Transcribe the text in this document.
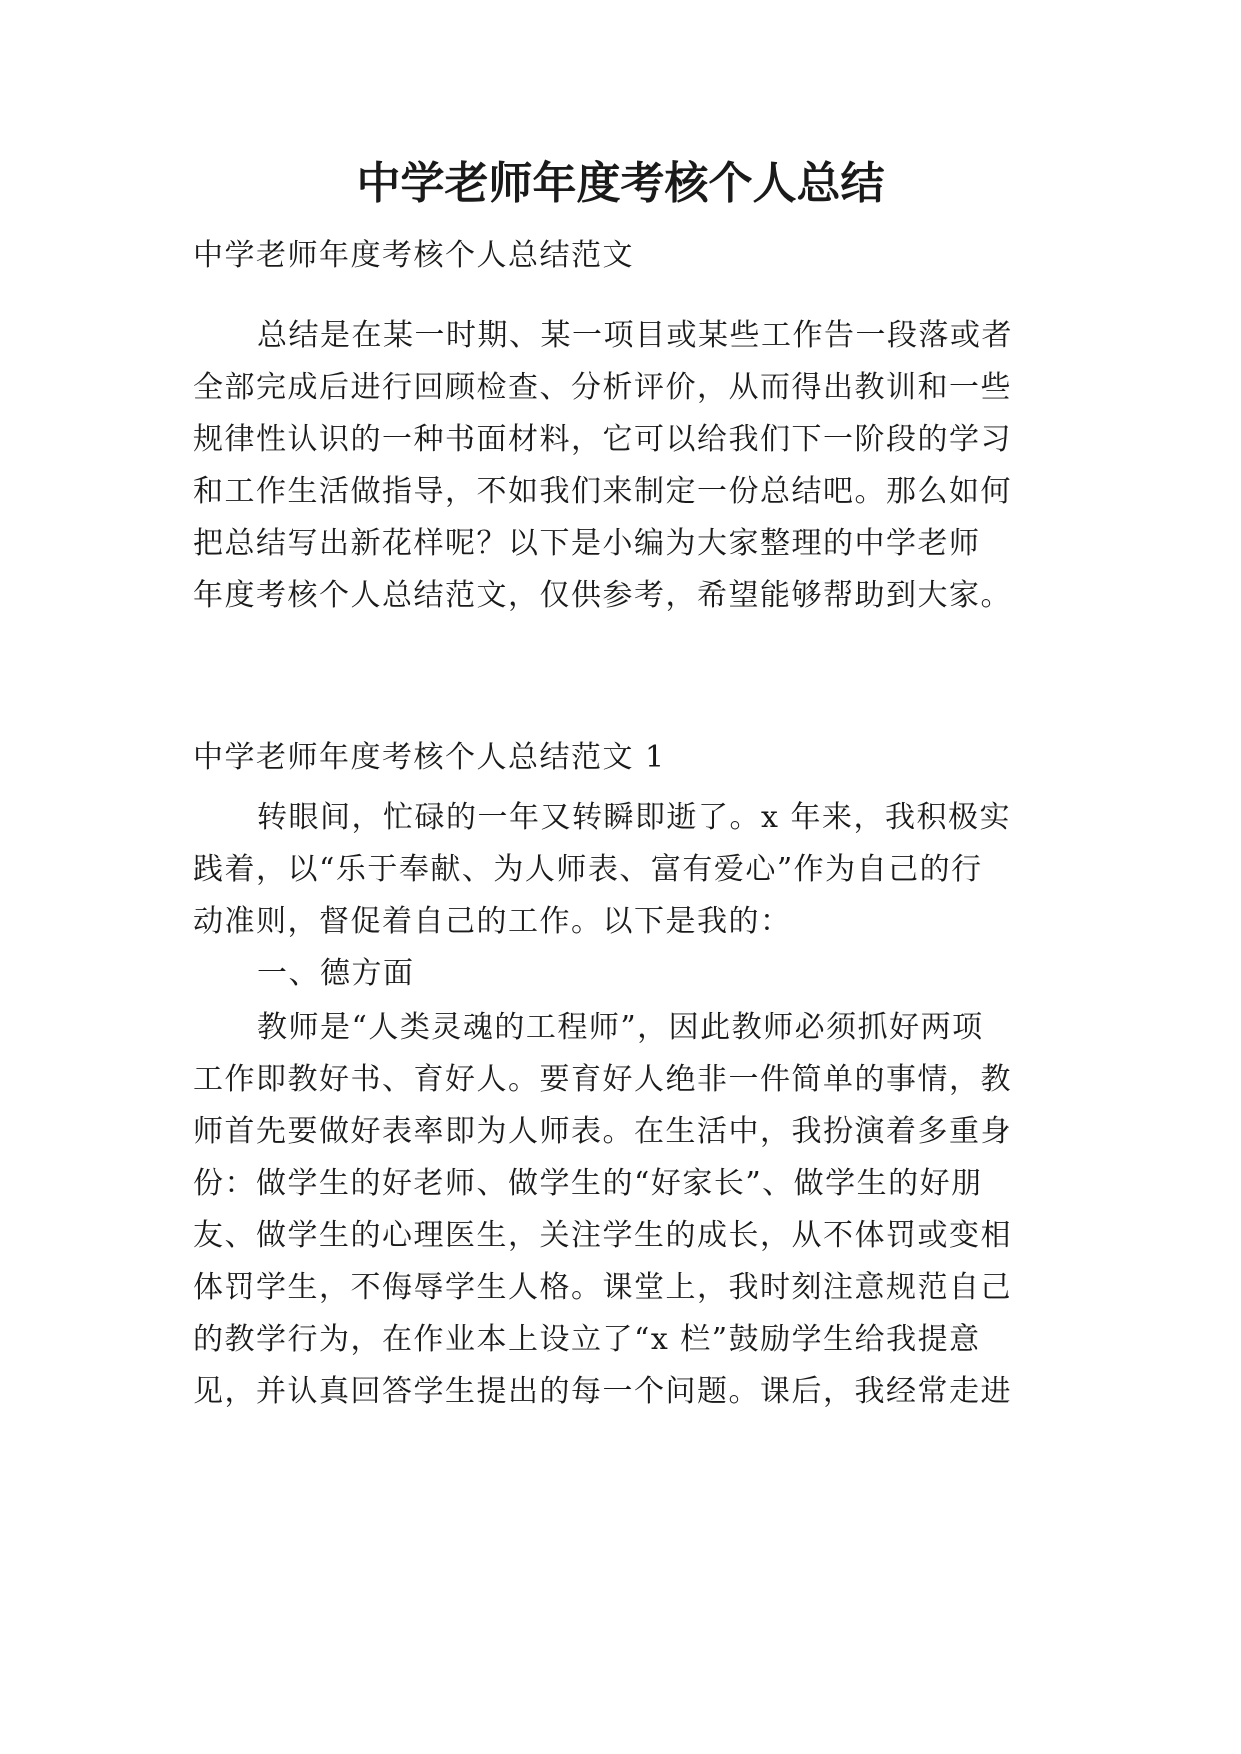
中学老师年度考核个人总结

中学老师年度考核个人总结范文

总结是在某一时期、某一项目或某些工作告一段落或者

全部完成后进行回顾检查、分析评价，从而得出教训和一些

规律性认识的一种书面材料，它可以给我们下一阶段的学习

和工作生活做指导，不如我们来制定一份总结吧。那么如何

把总结写出新花样呢？以下是小编为大家整理的中学老师

年度考核个人总结范文，仅供参考，希望能够帮助到大家。

中学老师年度考核个人总结范文 1

转眼间，忙碌的一年又转瞬即逝了。x 年来，我积极实

践着，以“乐于奉献、为人师表、富有爱心”作为自己的行

动准则，督促着自己的工作。以下是我的：

一、德方面

教师是“人类灵魂的工程师”，因此教师必须抓好两项

工作即教好书、育好人。要育好人绝非一件简单的事情，教

师首先要做好表率即为人师表。在生活中，我扮演着多重身

份：做学生的好老师、做学生的“好家长”、做学生的好朋

友、做学生的心理医生，关注学生的成长，从不体罚或变相

体罚学生，不侮辱学生人格。课堂上，我时刻注意规范自己

的教学行为，在作业本上设立了“x 栏”鼓励学生给我提意

见，并认真回答学生提出的每一个问题。课后，我经常走进
